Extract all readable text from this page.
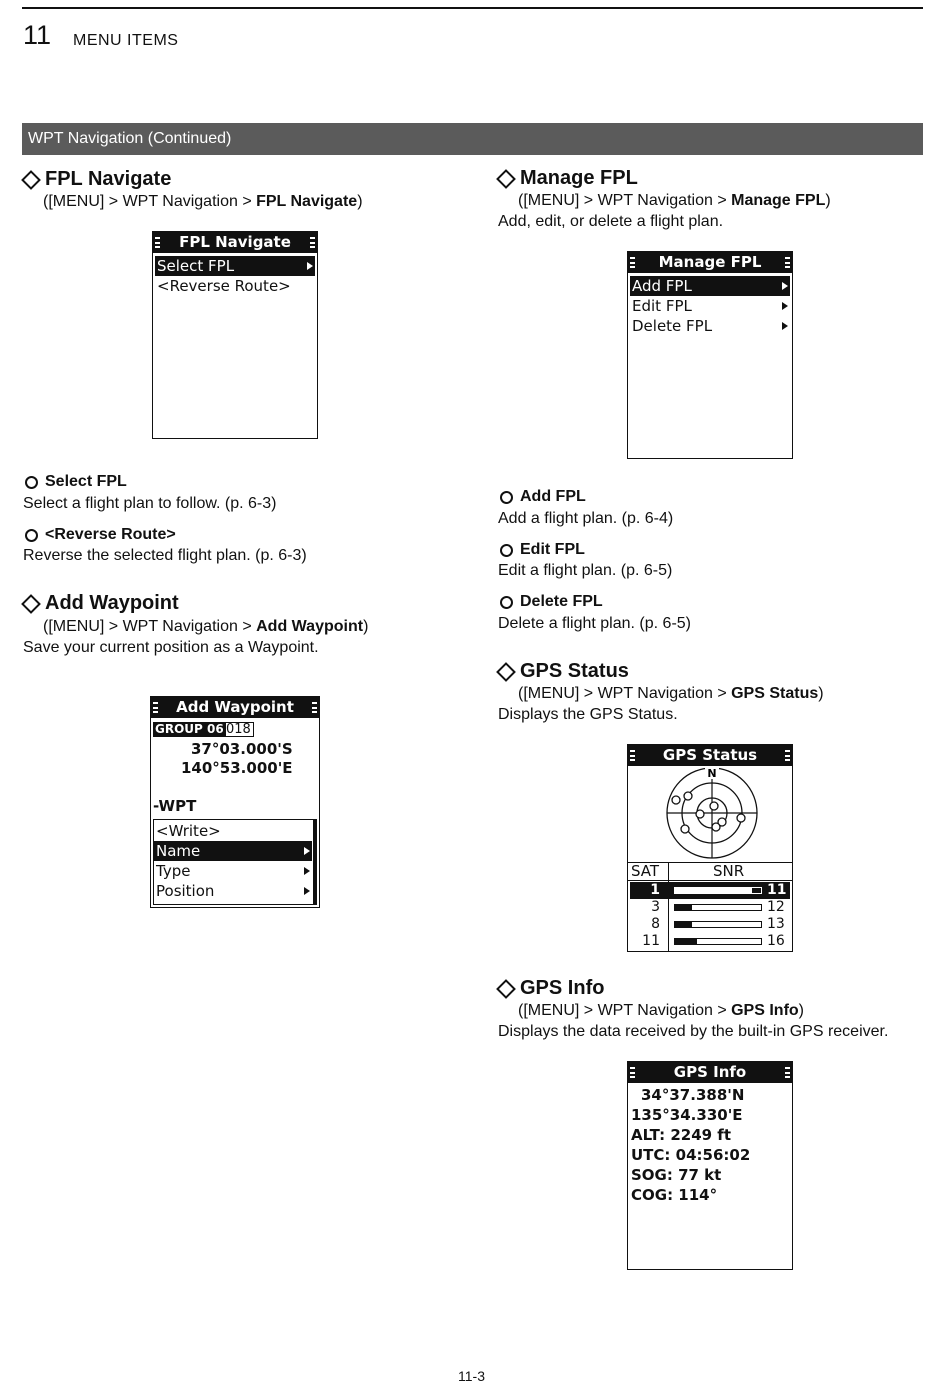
11 MENU ITEMS
WPT Navigation (Continued)
FPL Navigate
([MENU] > WPT Navigation > FPL Navigate)
FPL Navigate
Select FPL
<Reverse Route>
Select FPL
Select a flight plan to follow. (p. 6-3)
<Reverse Route>
Reverse the selected flight plan. (p. 6-3)
Add Waypoint
([MENU] > WPT Navigation > Add Waypoint)
Save your current position as a Waypoint.
Add Waypoint
GROUP 06 018
37°03.000'S
140°53.000'E
-WPT
<Write>
Name
Type
Position
Manage FPL
([MENU] > WPT Navigation > Manage FPL)
Add, edit, or delete a flight plan.
Manage FPL
Add FPL
Edit FPL
Delete FPL
Add FPL
Add a flight plan. (p. 6-4)
Edit FPL
Edit a flight plan. (p. 6-5)
Delete FPL
Delete a flight plan. (p. 6-5)
GPS Status
([MENU] > WPT Navigation > GPS Status)
Displays the GPS Status.
GPS Status
N
SAT	SNR
1	11
3	12
8	13
11	16
GPS Info
([MENU] > WPT Navigation > GPS Info)
Displays the data received by the built-in GPS receiver.
GPS Info
34°37.388'N
135°34.330'E
ALT: 2249 ft
UTC: 04:56:02
SOG: 77 kt
COG: 114°
11-3
